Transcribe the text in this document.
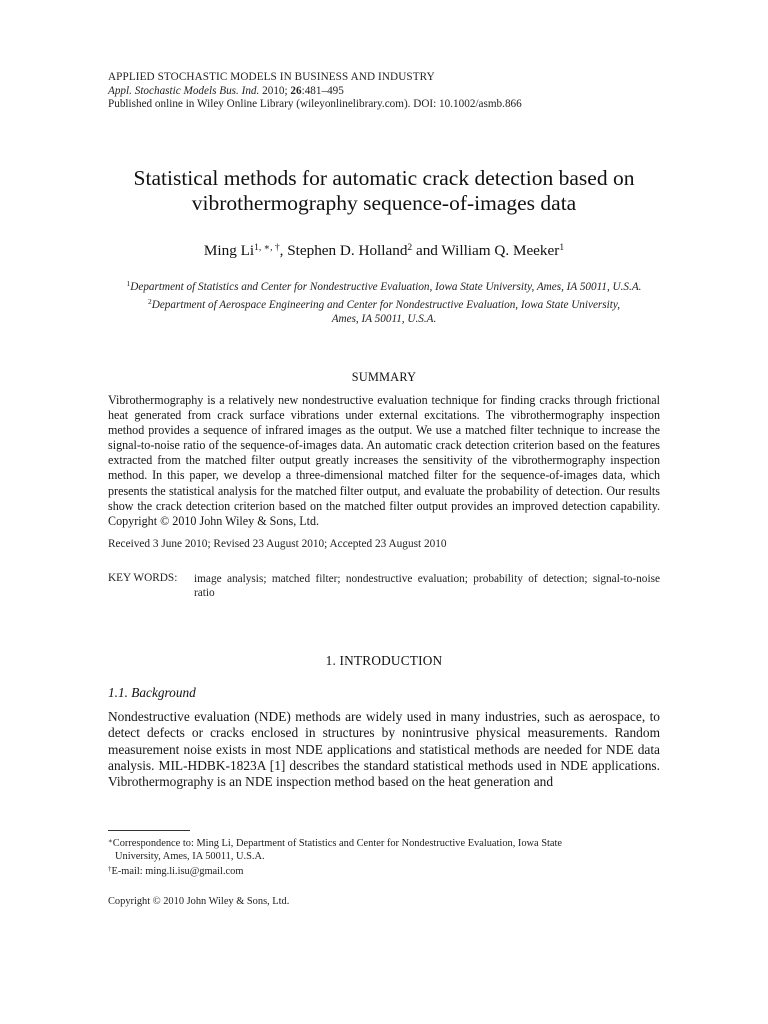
APPLIED STOCHASTIC MODELS IN BUSINESS AND INDUSTRY
Appl. Stochastic Models Bus. Ind. 2010; 26:481–495
Published online in Wiley Online Library (wileyonlinelibrary.com). DOI: 10.1002/asmb.866
Statistical methods for automatic crack detection based on
vibrothermography sequence-of-images data
Ming $Li^{1, ∗, \dagger}$, Stephen D. Holland$^2$ and William Q. Meeker$^1$
$^1$Department of Statistics and Center for Nondestructive Evaluation, Iowa State University, Ames, IA 50011, U.S.A.
$^2$Department of Aerospace Engineering and Center for Nondestructive Evaluation, Iowa State University,
Ames, IA 50011, U.S.A.
SUMMARY
Vibrothermography is a relatively new nondestructive evaluation technique for finding cracks through frictional heat generated from crack surface vibrations under external excitations. The vibrothermography inspection method provides a sequence of infrared images as the output. We use a matched filter technique to increase the signal-to-noise ratio of the sequence-of-images data. An automatic crack detection criterion based on the features extracted from the matched filter output greatly increases the sensitivity of the vibrothermography inspection method. In this paper, we develop a three-dimensional matched filter for the sequence-of-images data, which presents the statistical analysis for the matched filter output, and evaluate the probability of detection. Our results show the crack detection criterion based on the matched filter output provides an improved detection capability. Copyright © 2010 John Wiley & Sons, Ltd.
Received 3 June 2010; Revised 23 August 2010; Accepted 23 August 2010
KEY WORDS: image analysis; matched filter; nondestructive evaluation; probability of detection; signal-to-noise ratio
1. INTRODUCTION
1.1. Background
Nondestructive evaluation (NDE) methods are widely used in many industries, such as aerospace, to detect defects or cracks enclosed in structures by nonintrusive physical measurements. Random measurement noise exists in most NDE applications and statistical methods are needed for NDE data analysis. MIL-HDBK-1823A [1] describes the standard statistical methods used in NDE applications. Vibrothermography is an NDE inspection method based on the heat generation and
∗Correspondence to: Ming Li, Department of Statistics and Center for Nondestructive Evaluation, Iowa State
University, Ames, IA 50011, U.S.A.
†E-mail: ming.li.isu@gmail.com
Copyright © 2010 John Wiley & Sons, Ltd.
